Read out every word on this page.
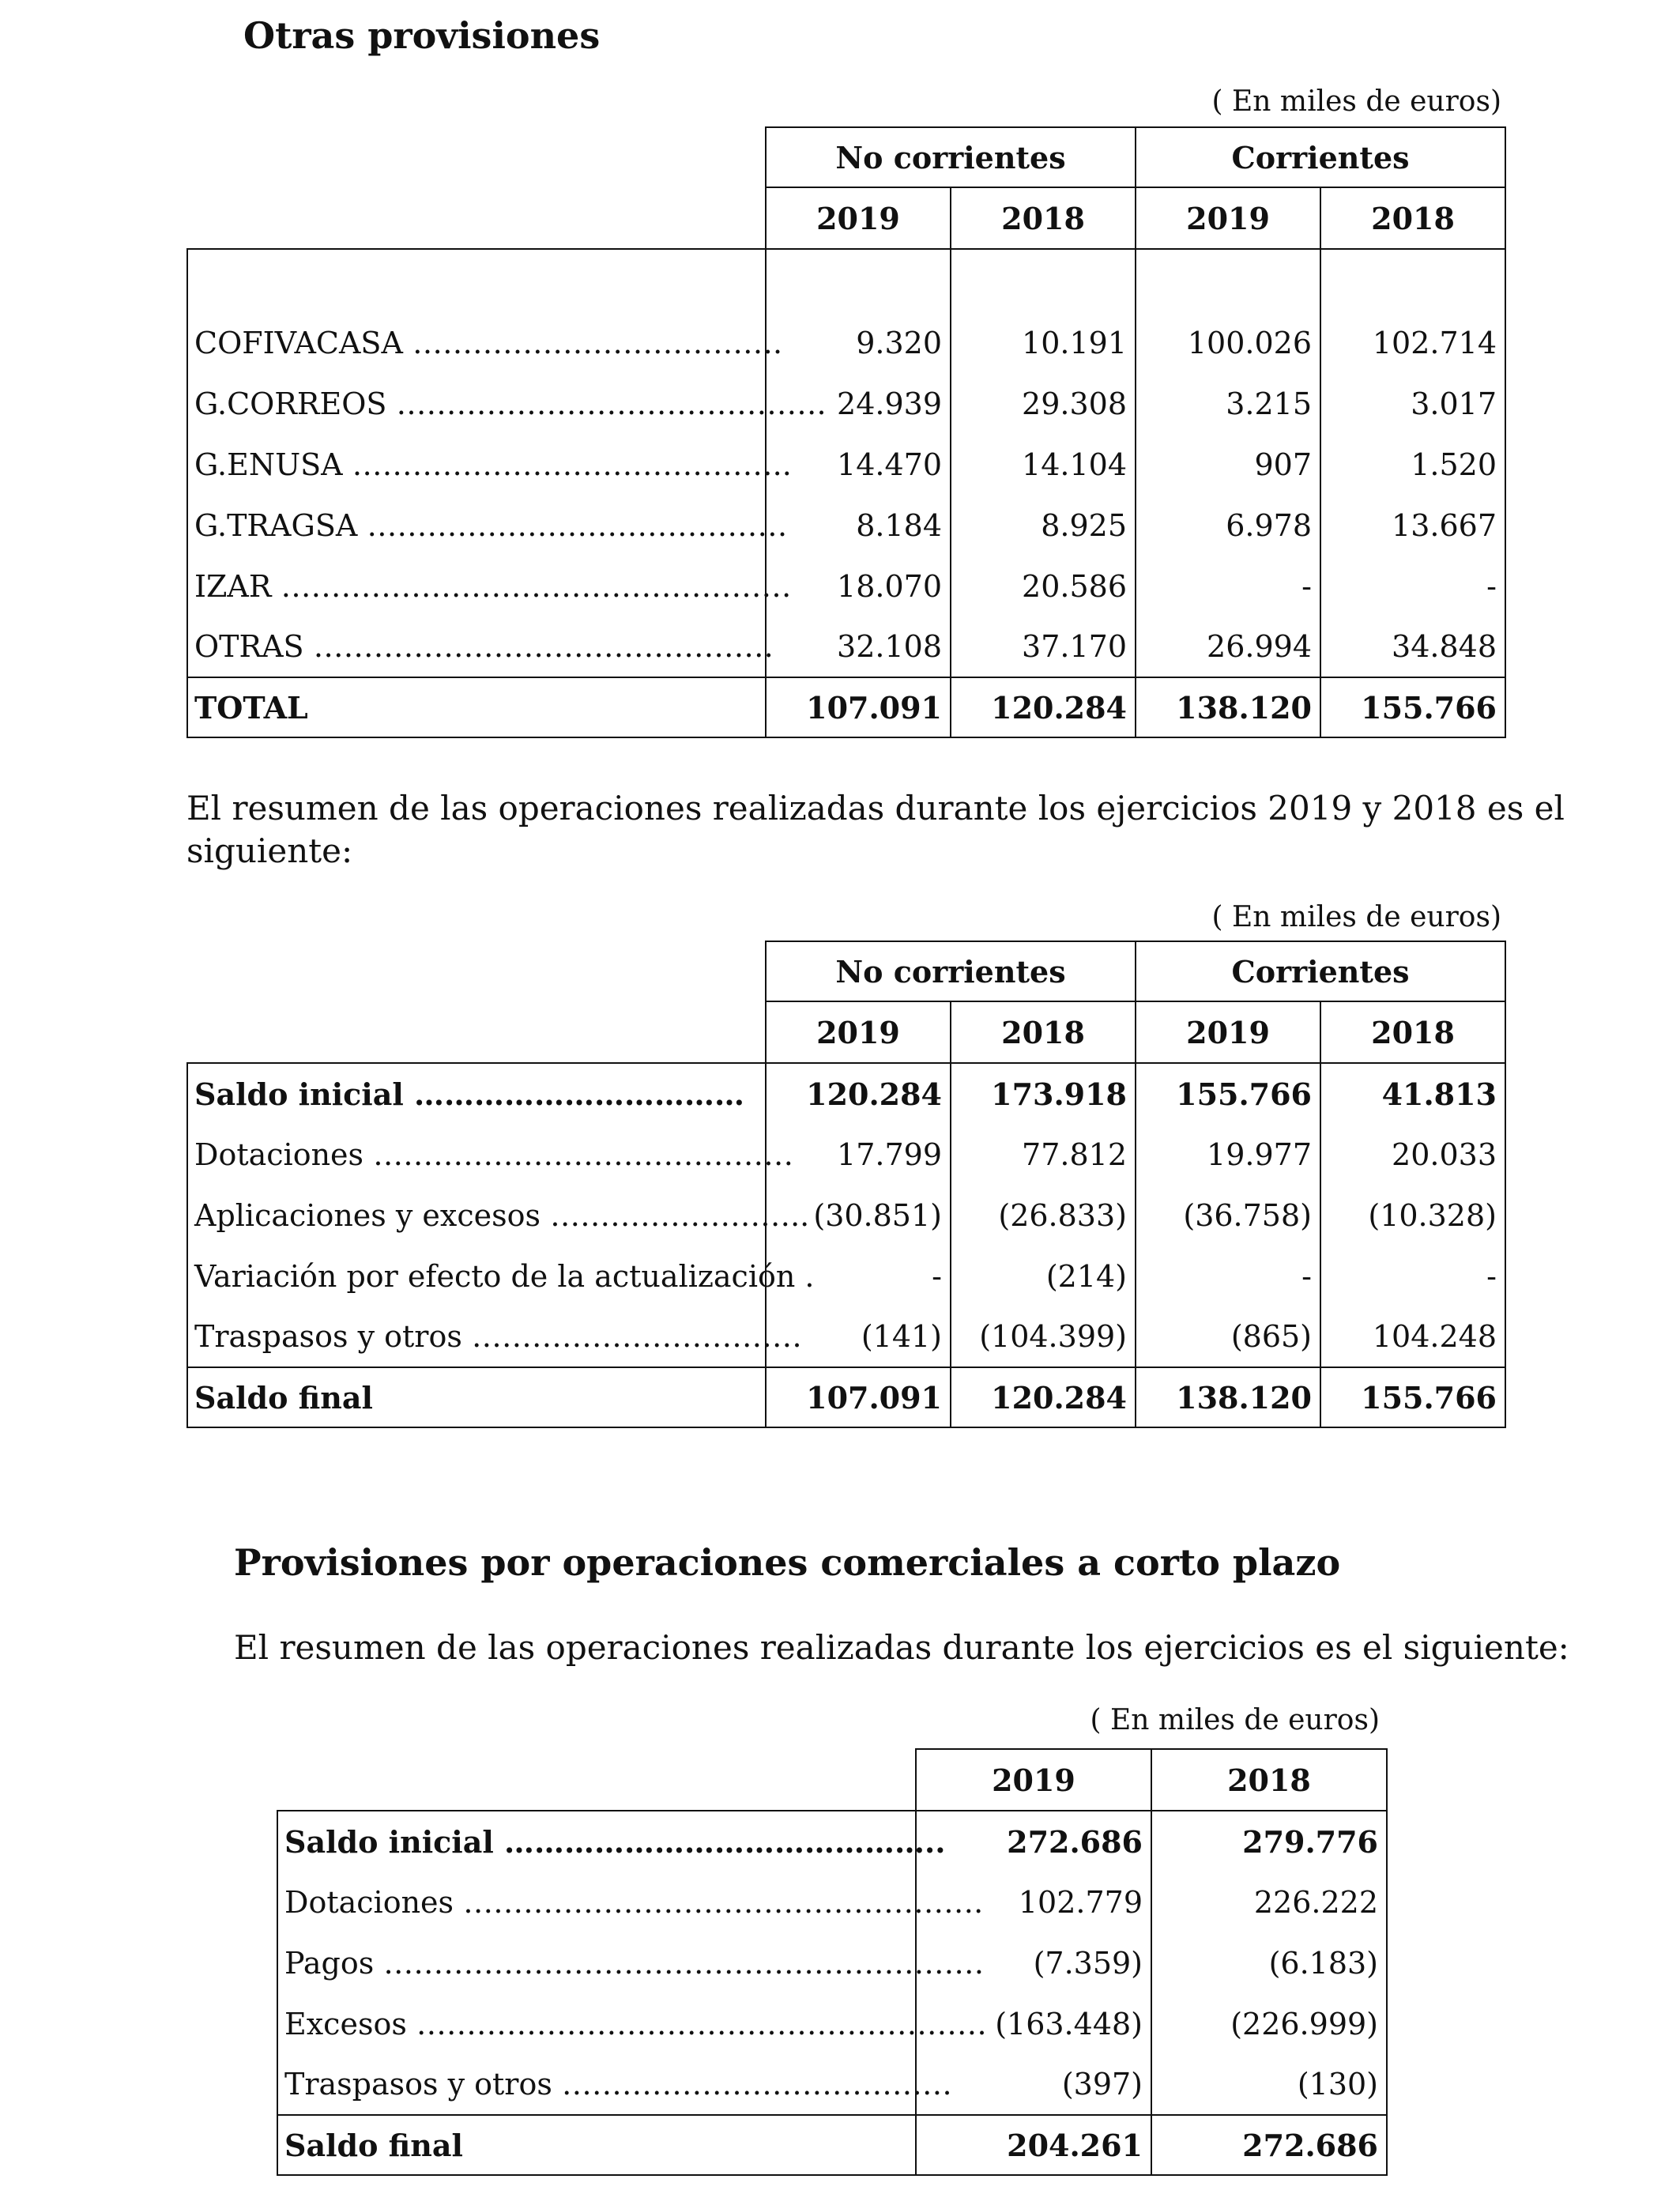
Otras provisiones
( En miles de euros)
No corrientes		Corrientes	
2019	2018	2019	2018

COFIVACASA ……………………………….	9.320	10.191	100.026	102.714
G.CORREOS …………………………………….	24.939	29.308	3.215	3.017
G.ENUSA ……………………………………..	14.470	14.104	907	1.520
G.TRAGSA ……………………………………	8.184	8.925	6.978	13.667
IZAR ……………………………………………	18.070	20.586	-	-
OTRAS ……………………………………….	32.108	37.170	26.994	34.848
TOTAL	107.091	120.284	138.120	155.766
El resumen de las operaciones realizadas durante los ejercicios 2019 y 2018 es el
siguiente:
( En miles de euros)
No corrientes		Corrientes	
2019	2018	2019	2018
Saldo inicial ……………………………	120.284	173.918	155.766	41.813
Dotaciones ……………………………………	17.799	77.812	19.977	20.033
Aplicaciones y excesos ……………………..	(30.851)	(26.833)	(36.758)	(10.328)
Variación por efecto de la actualización .	-	(214)	-	-
Traspasos y otros ……………………………	(141)	(104.399)	(865)	104.248
Saldo final	107.091	120.284	138.120	155.766
Provisiones por operaciones comerciales a corto plazo
El resumen de las operaciones realizadas durante los ejercicios es el siguiente:
( En miles de euros)
2019	2018
Saldo inicial ……………………………………..	272.686	279.776
Dotaciones …………………………………………….	102.779	226.222
Pagos ……………………………………………………	(7.359)	(6.183)
Excesos …………………………………………………	(163.448)	(226.999)
Traspasos y otros …………………………………	(397)	(130)
Saldo final	204.261	272.686
